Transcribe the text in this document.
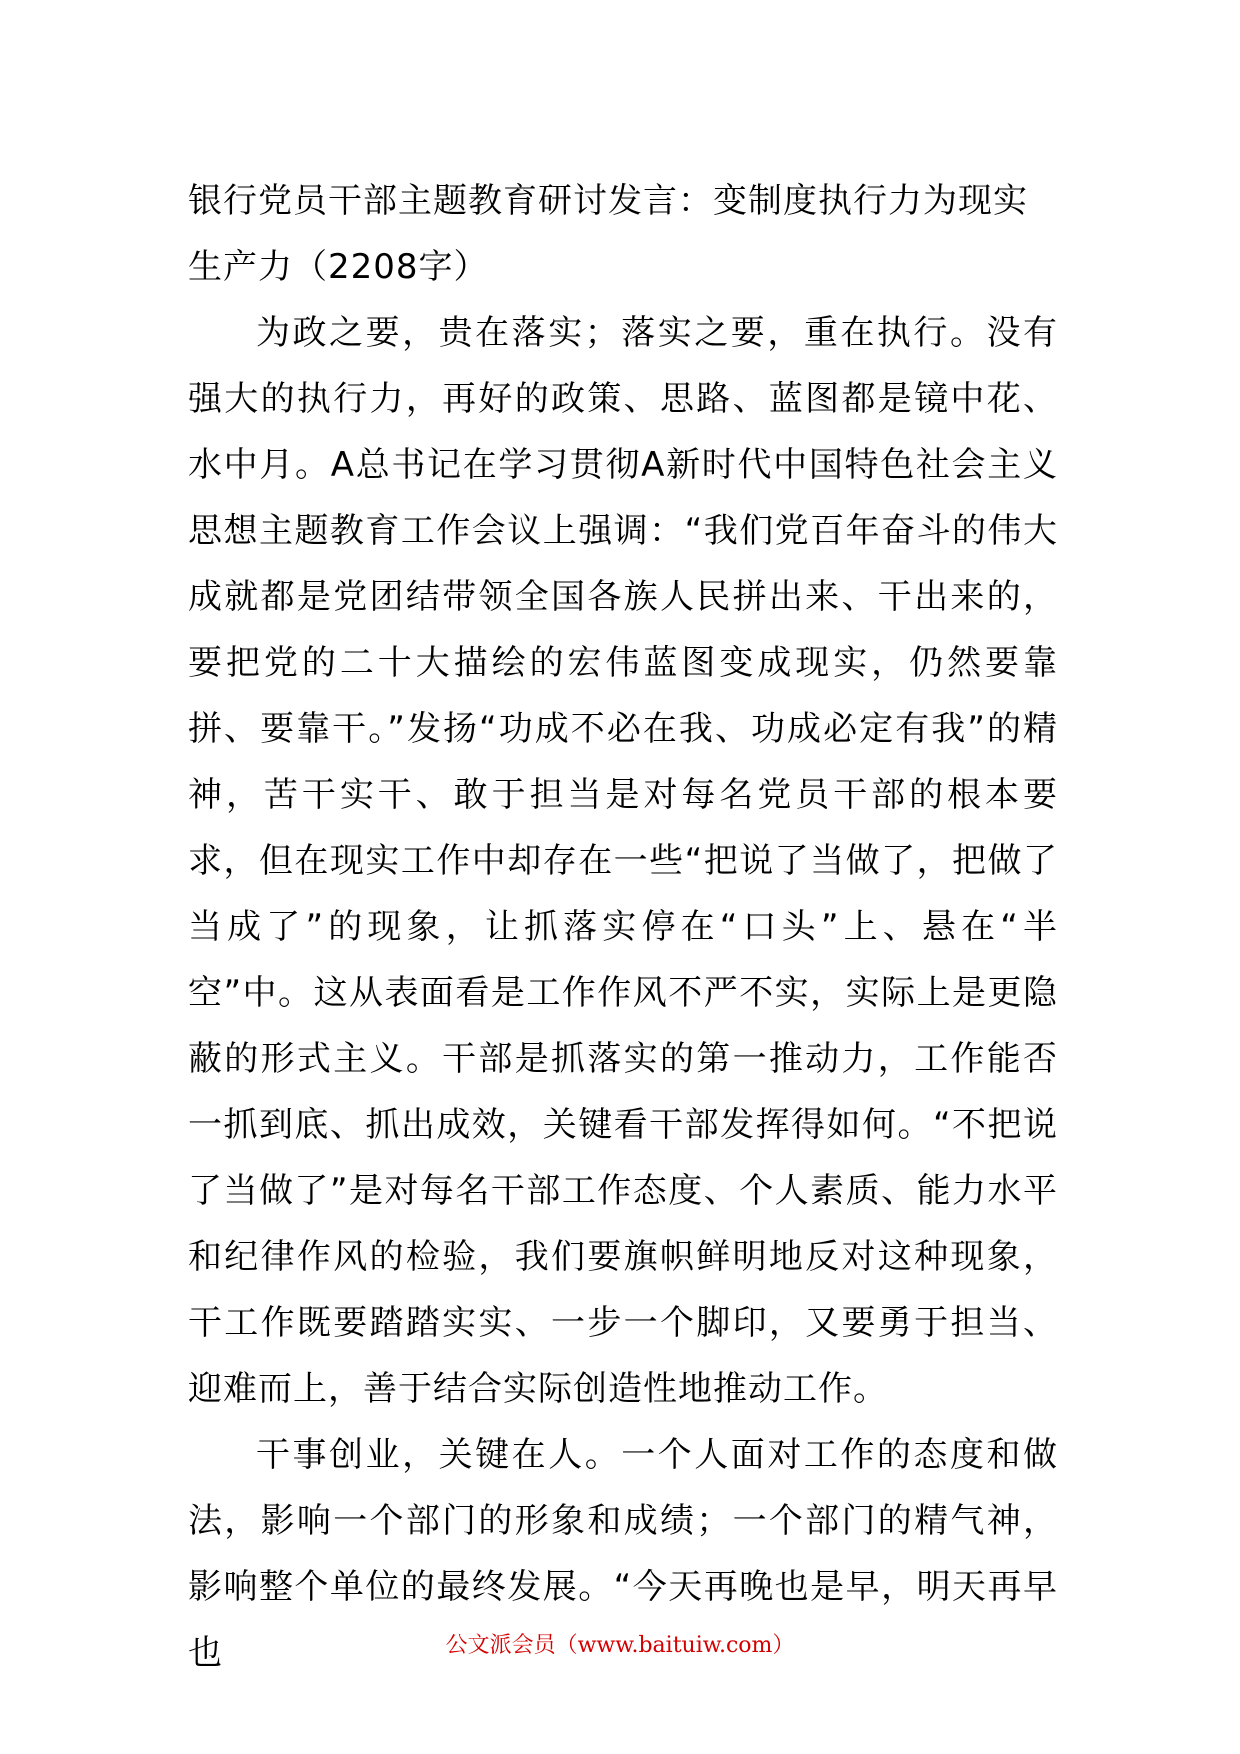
银行党员干部主题教育研讨发言：变制度执行力为现实生产力（2208字）

为政之要，贵在落实；落实之要，重在执行。没有强大的执行力，再好的政策、思路、蓝图都是镜中花、水中月。A总书记在学习贯彻A新时代中国特色社会主义思想主题教育工作会议上强调：“我们党百年奋斗的伟大成就都是党团结带领全国各族人民拼出来、干出来的，要把党的二十大描绘的宏伟蓝图变成现实，仍然要靠拼、要靠干。”发扬“功成不必在我、功成必定有我”的精神，苦干实干、敢于担当是对每名党员干部的根本要求，但在现实工作中却存在一些“把说了当做了，把做了当成了”的现象，让抓落实停在“口头”上、悬在“半空”中。这从表面看是工作作风不严不实，实际上是更隐蔽的形式主义。干部是抓落实的第一推动力，工作能否一抓到底、抓出成效，关键看干部发挥得如何。“不把说了当做了”是对每名干部工作态度、个人素质、能力水平和纪律作风的检验，我们要旗帜鲜明地反对这种现象，干工作既要踏踏实实、一步一个脚印，又要勇于担当、迎难而上，善于结合实际创造性地推动工作。

干事创业，关键在人。一个人面对工作的态度和做法，影响一个部门的形象和成绩；一个部门的精气神，影响整个单位的最终发展。“今天再晚也是早，明天再早也	公文派会员（www.baituiw.com）
